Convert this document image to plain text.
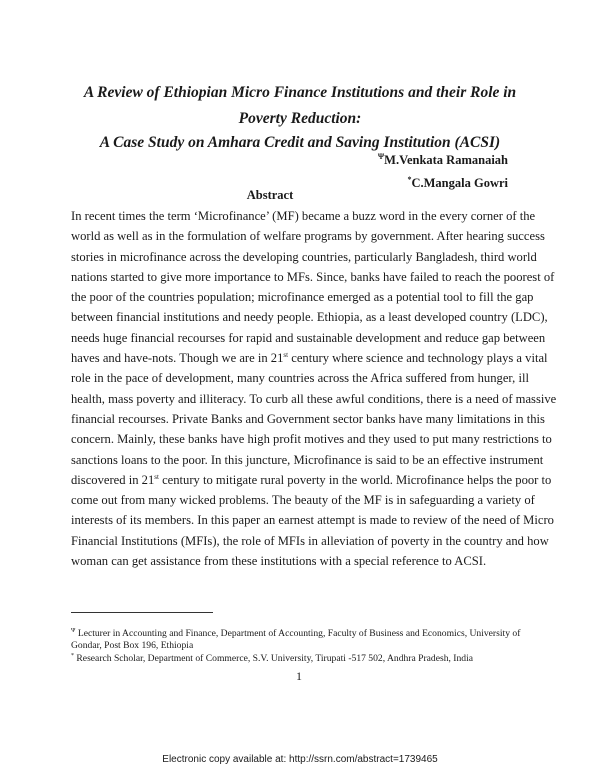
A Review of Ethiopian Micro Finance Institutions and their Role in
Poverty Reduction:
A Case Study on Amhara Credit and Saving Institution (ACSI)
$^\Psi$M.Venkata Ramanaiah
*C.Mangala Gowri
Abstract
In recent times the term ‘Microfinance’ (MF) became a buzz word in the every corner of the
world as well as in the formulation of welfare programs by government. After hearing success
stories in microfinance across the developing countries, particularly Bangladesh, third world
nations started to give more importance to MFs. Since, banks have failed to reach the poorest of
the poor of the countries population; microfinance emerged as a potential tool to fill the gap
between financial institutions and needy people. Ethiopia, as a least developed country (LDC),
needs huge financial recourses for rapid and sustainable development and reduce gap between
haves and have-nots. Though we are in 21st century where science and technology plays a vital
role in the pace of development, many countries across the Africa suffered from hunger, ill
health, mass poverty and illiteracy. To curb all these awful conditions, there is a need of massive
financial recourses. Private Banks and Government sector banks have many limitations in this
concern. Mainly, these banks have high profit motives and they used to put many restrictions to
sanctions loans to the poor. In this juncture, Microfinance is said to be an effective instrument
discovered in 21st century to mitigate rural poverty in the world. Microfinance helps the poor to
come out from many wicked problems. The beauty of the MF is in safeguarding a variety of
interests of its members. In this paper an earnest attempt is made to review of the need of Micro
Financial Institutions (MFIs), the role of MFIs in alleviation of poverty in the country and how
woman can get assistance from these institutions with a special reference to ACSI.
$^\Psi$ Lecturer in Accounting and Finance, Department of Accounting, Faculty of Business and Economics, University of Gondar, Post Box 196, Ethiopia
* Research Scholar, Department of Commerce, S.V. University, Tirupati -517 502, Andhra Pradesh, India
1
Electronic copy available at: http://ssrn.com/abstract=1739465
